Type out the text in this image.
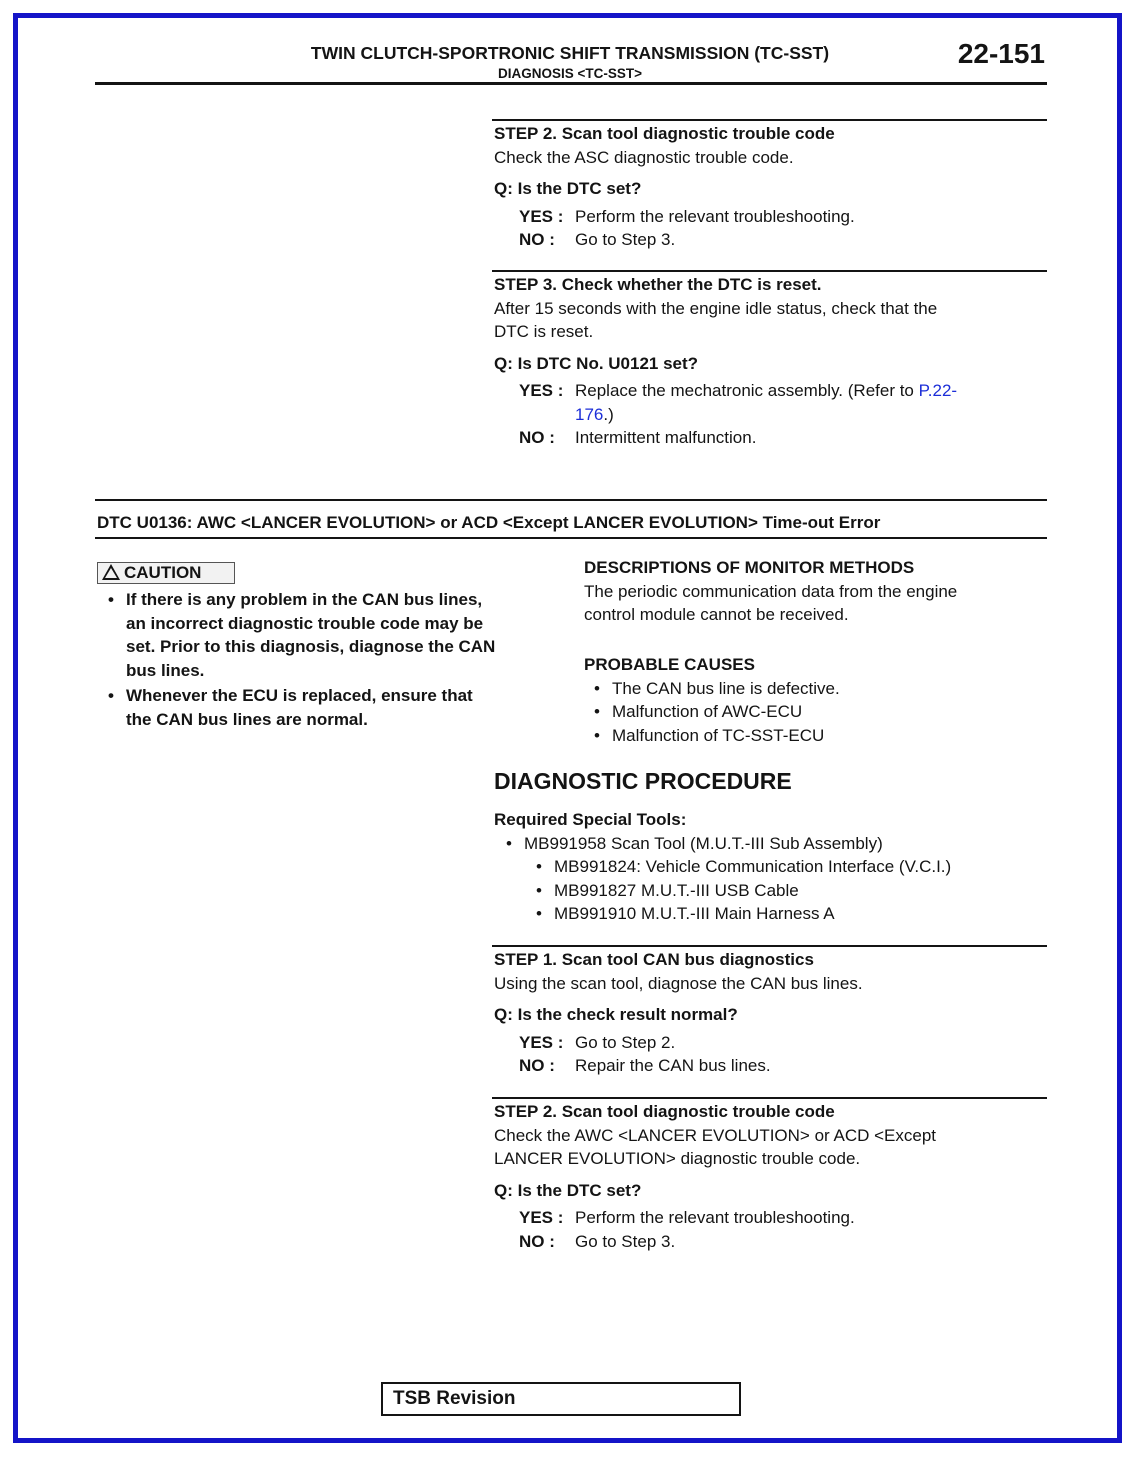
TWIN CLUTCH-SPORTRONIC SHIFT TRANSMISSION (TC-SST)
DIAGNOSIS <TC-SST>
22-151
STEP 2. Scan tool diagnostic trouble code
Check the ASC diagnostic trouble code.
Q: Is the DTC set?
YES : Perform the relevant troubleshooting.
NO :	Go to Step 3.
STEP 3. Check whether the DTC is reset.
After 15 seconds with the engine idle status, check that the
DTC is reset.
Q: Is DTC No. U0121 set?
YES : Replace the mechatronic assembly. (Refer to P.22-
176.)
NO :	Intermittent malfunction.
DTC U0136: AWC <LANCER EVOLUTION> or ACD <Except LANCER EVOLUTION> Time-out Error
CAUTION
• If there is any problem in the CAN bus lines,
an incorrect diagnostic trouble code may be
set. Prior to this diagnosis, diagnose the CAN
bus lines.
• Whenever the ECU is replaced, ensure that
the CAN bus lines are normal.
DESCRIPTIONS OF MONITOR METHODS
The periodic communication data from the engine
control module cannot be received.
PROBABLE CAUSES
• The CAN bus line is defective.
• Malfunction of AWC-ECU
• Malfunction of TC-SST-ECU
DIAGNOSTIC PROCEDURE
Required Special Tools:
• MB991958 Scan Tool (M.U.T.-III Sub Assembly)
• MB991824: Vehicle Communication Interface (V.C.I.)
• MB991827 M.U.T.-III USB Cable
• MB991910 M.U.T.-III Main Harness A
STEP 1. Scan tool CAN bus diagnostics
Using the scan tool, diagnose the CAN bus lines.
Q: Is the check result normal?
YES : Go to Step 2.
NO :	Repair the CAN bus lines.
STEP 2. Scan tool diagnostic trouble code
Check the AWC <LANCER EVOLUTION> or ACD <Except
LANCER EVOLUTION> diagnostic trouble code.
Q: Is the DTC set?
YES : Perform the relevant troubleshooting.
NO :	Go to Step 3.
TSB Revision
